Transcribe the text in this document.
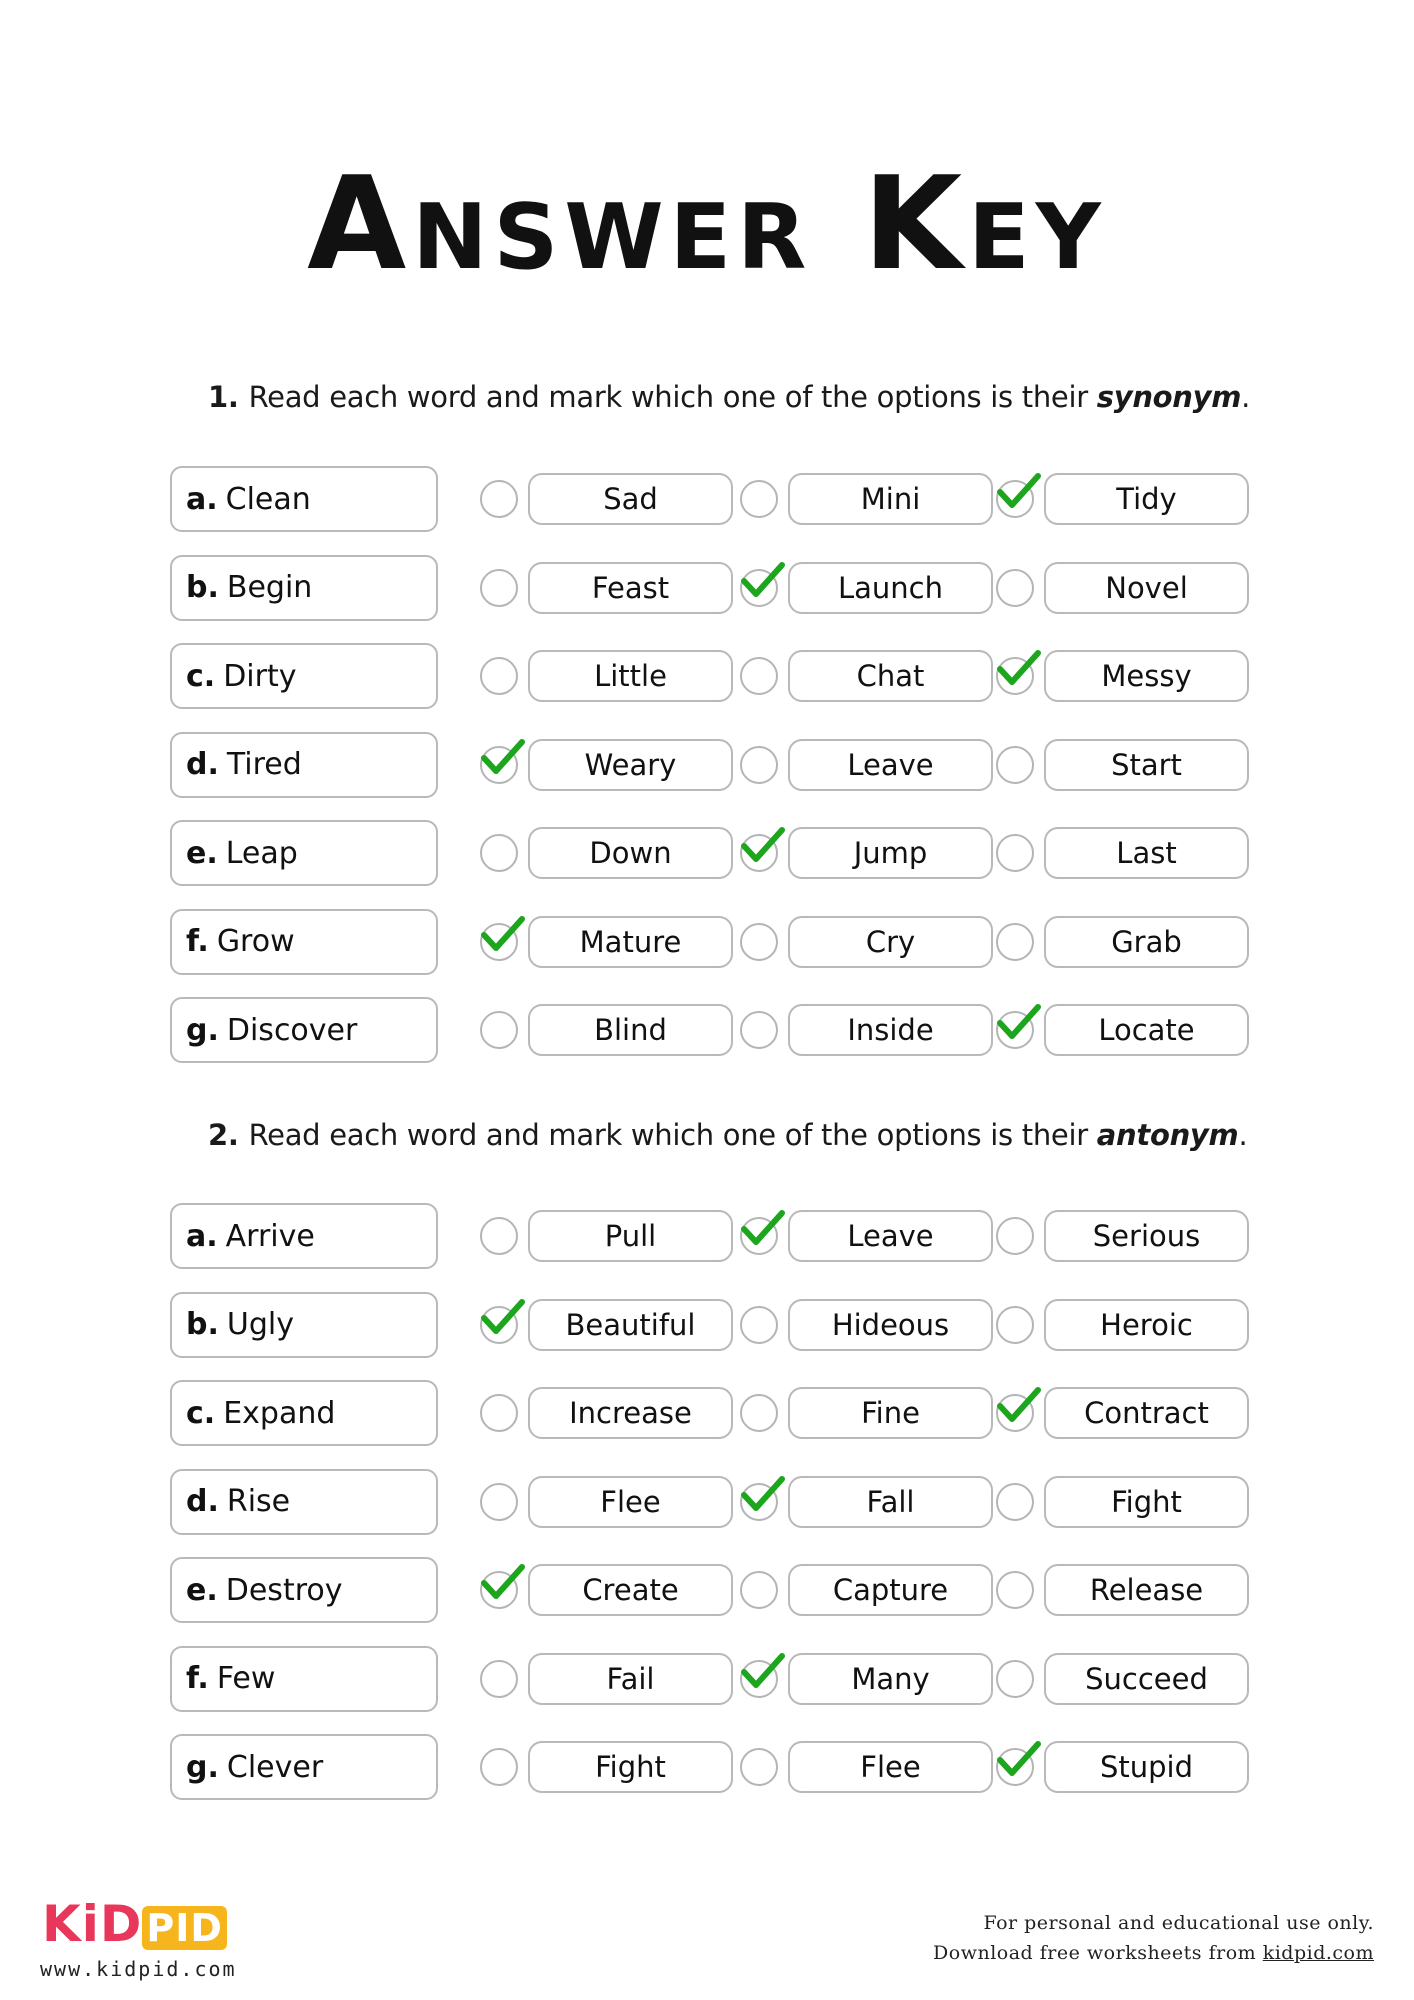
Answer Key
1. Read each word and mark which one of the options is their synonym.
2. Read each word and mark which one of the options is their antonym.
a. Clean	Sad	Mini	Tidy
b. Begin	Feast	Launch	Novel
c. Dirty	Little	Chat	Messy
d. Tired	Weary	Leave	Start
e. Leap	Down	Jump	Last
f. Grow	Mature	Cry	Grab
g. Discover	Blind	Inside	Locate
a. Arrive	Pull	Leave	Serious
b. Ugly	Beautiful	Hideous	Heroic
c. Expand	Increase	Fine	Contract
d. Rise	Flee	Fall	Fight
e. Destroy	Create	Capture	Release
f. Few	Fail	Many	Succeed
g. Clever	Fight	Flee	Stupid
KiD PID
www.kidpid.com
For personal and educational use only.
Download free worksheets from kidpid.com
